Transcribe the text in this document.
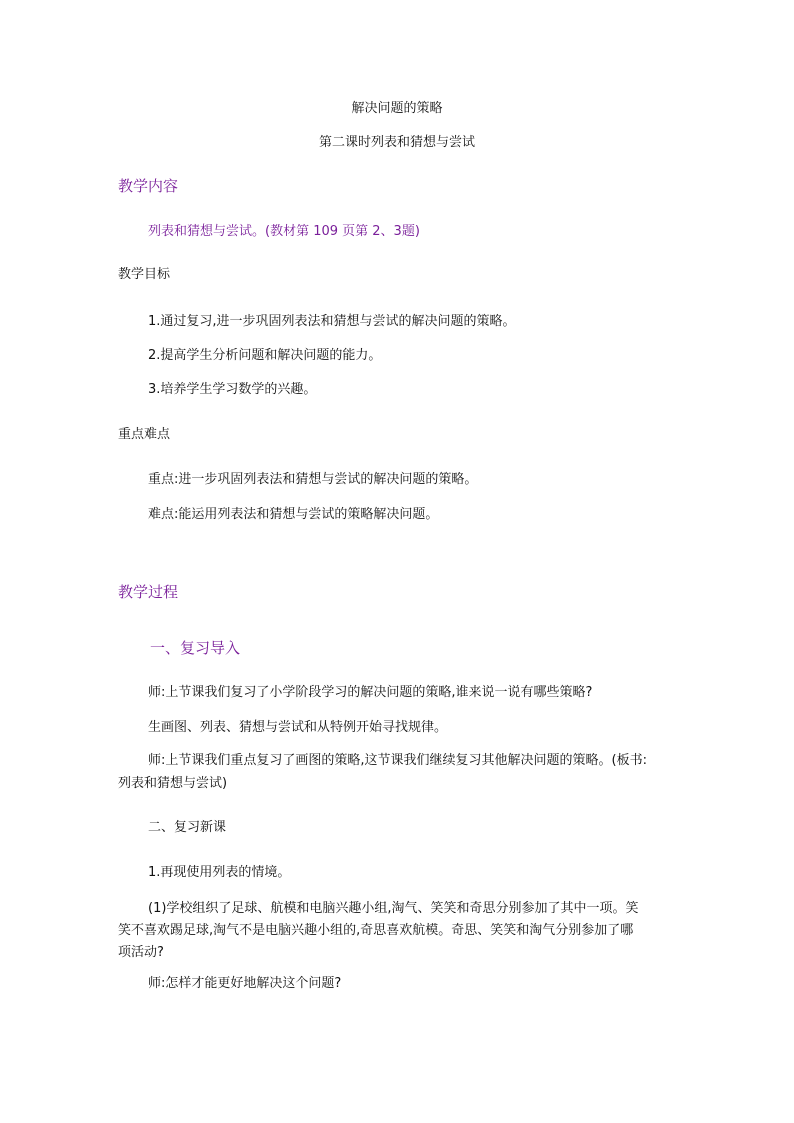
解决问题的策略

第二课时列表和猜想与尝试

教学内容

列表和猜想与尝试。(教材第 109 页第 2、3题)

教学目标

1.通过复习,进一步巩固列表法和猜想与尝试的解决问题的策略。

2.提高学生分析问题和解决问题的能力。

3.培养学生学习数学的兴趣。

重点难点

重点:进一步巩固列表法和猜想与尝试的解决问题的策略。

难点:能运用列表法和猜想与尝试的策略解决问题。

教学过程

一、复习导入

师:上节课我们复习了小学阶段学习的解决问题的策略,谁来说一说有哪些策略?

生画图、列表、猜想与尝试和从特例开始寻找规律。

师:上节课我们重点复习了画图的策略,这节课我们继续复习其他解决问题的策略。(板书:

列表和猜想与尝试)

二、复习新课

1.再现使用列表的情境。

(1)学校组织了足球、航模和电脑兴趣小组,淘气、笑笑和奇思分别参加了其中一项。笑

笑不喜欢踢足球,淘气不是电脑兴趣小组的,奇思喜欢航模。奇思、笑笑和淘气分别参加了哪

项活动?

师:怎样才能更好地解决这个问题?
